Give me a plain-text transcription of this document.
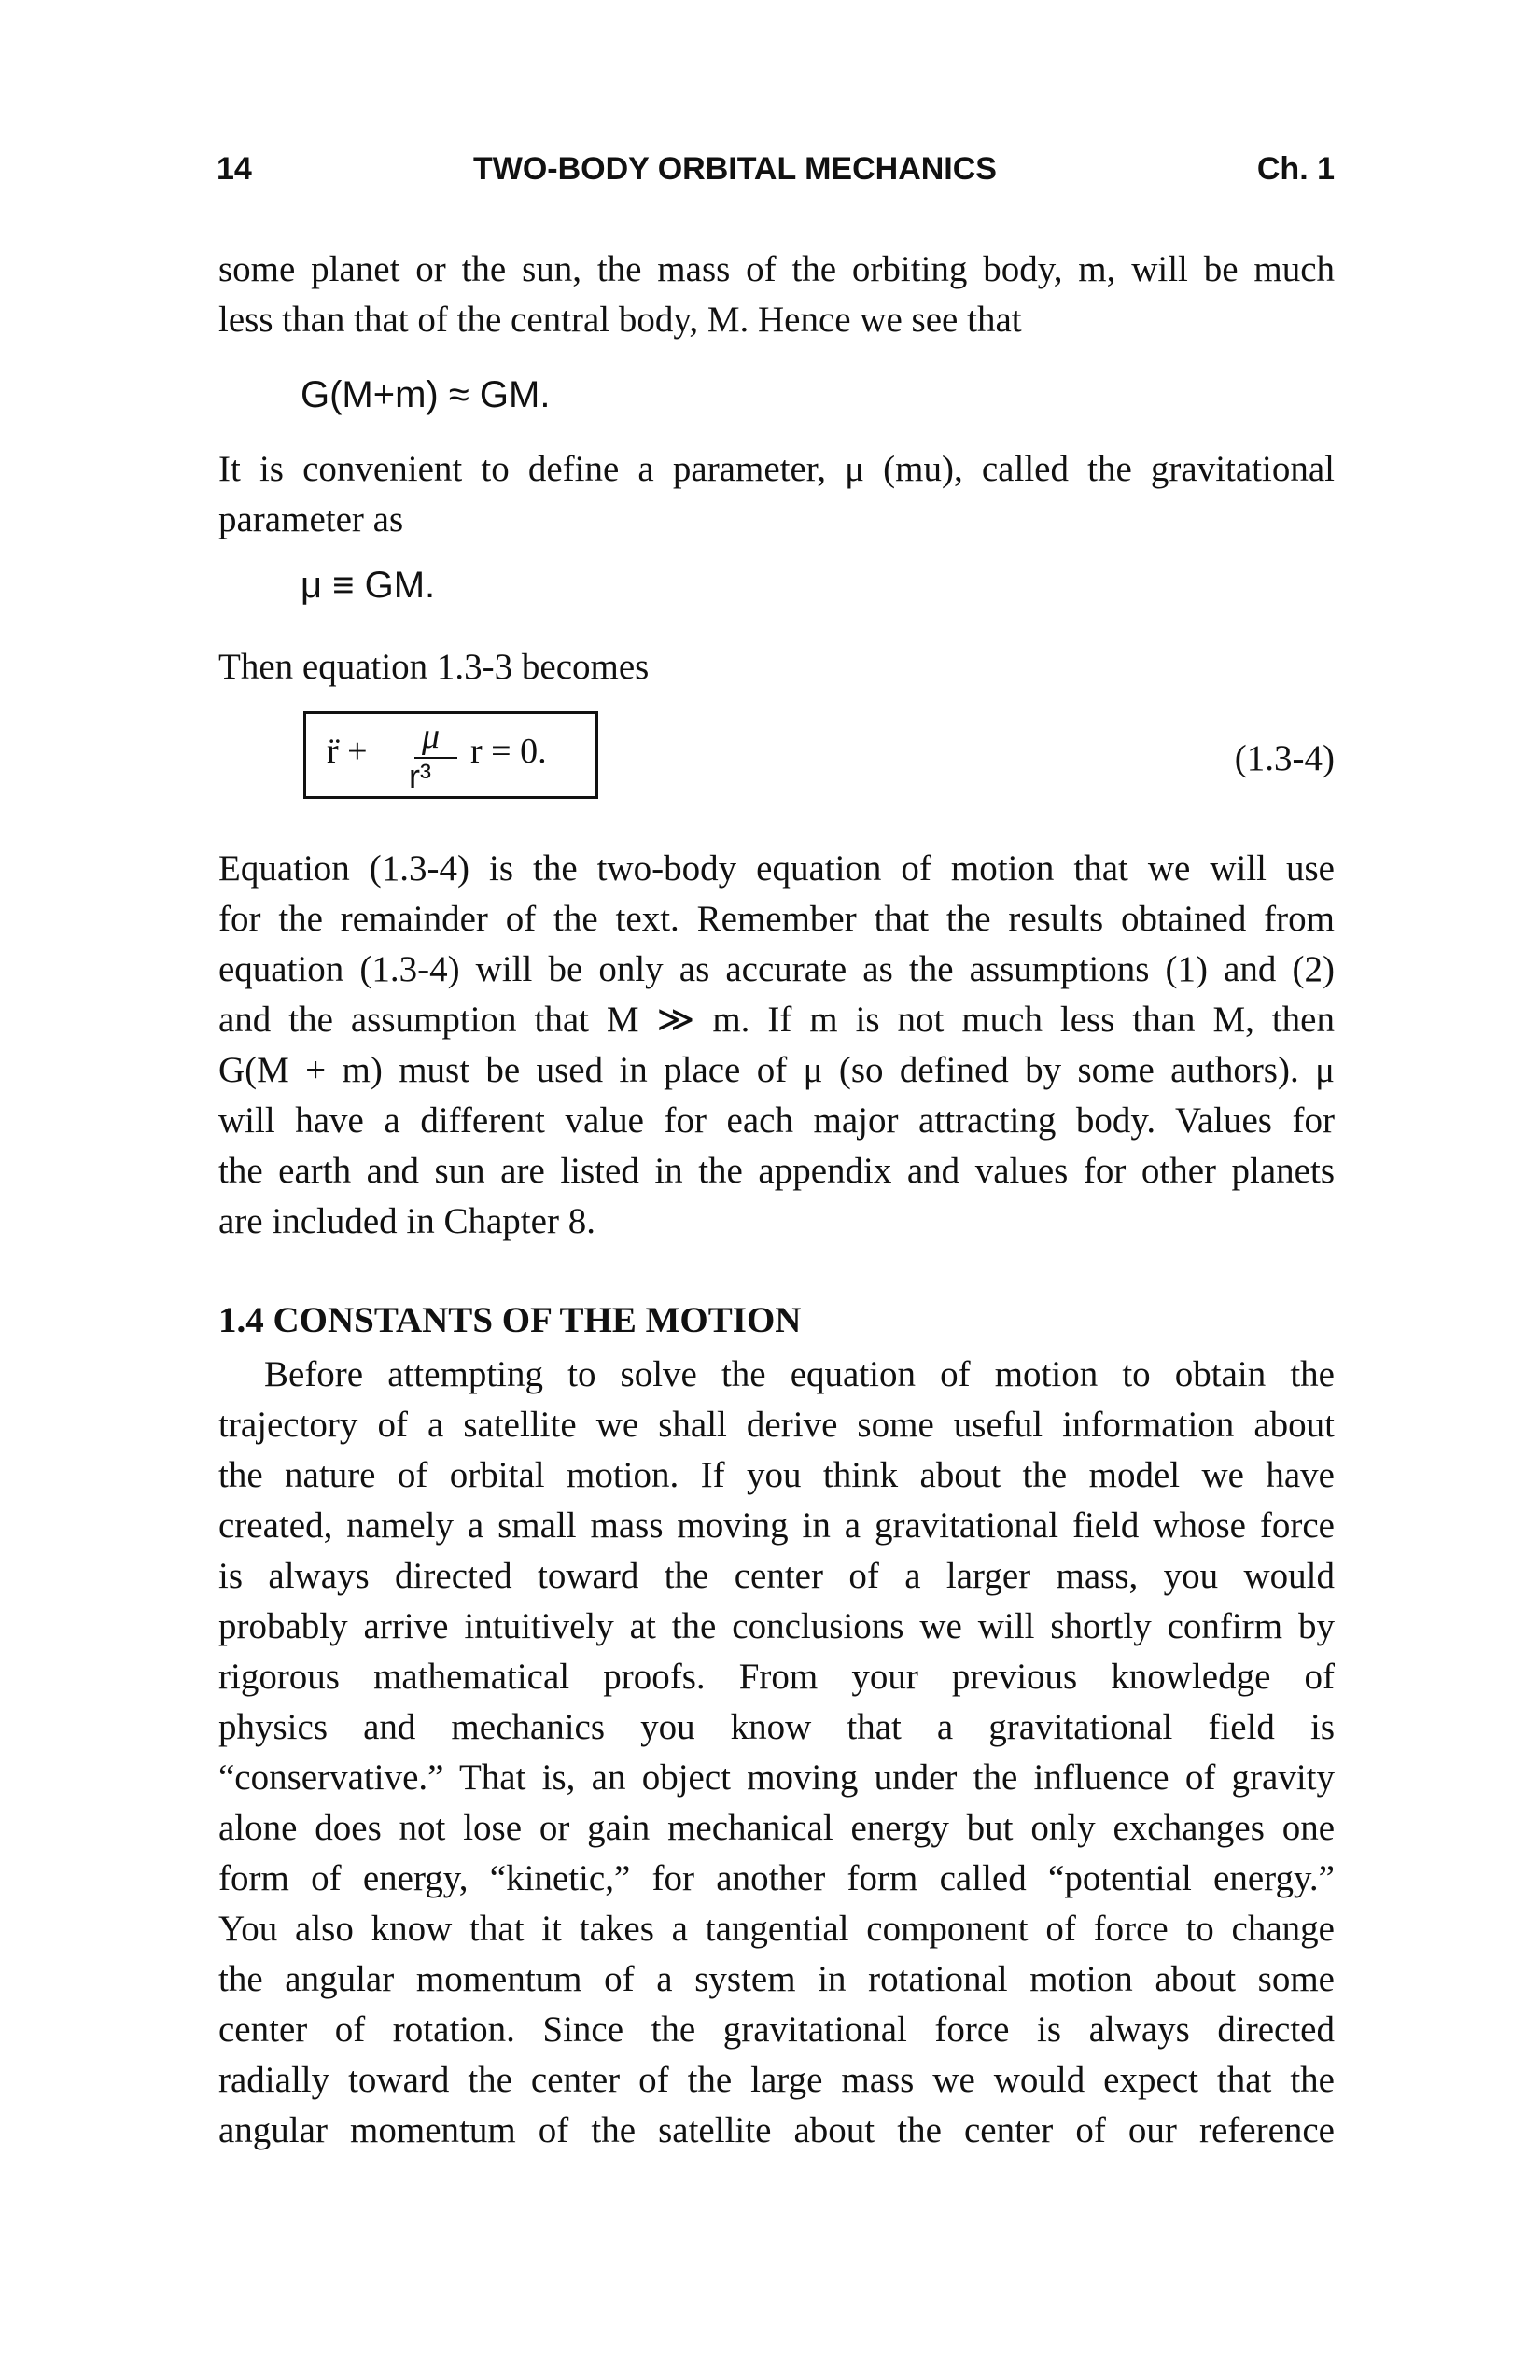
14	TWO-BODY ORBITAL MECHANICS	Ch. 1
some planet or the sun, the mass of the orbiting body, m, will be much
less than that of the central body, M. Hence we see that
G(M+m) ≈ GM.
It is convenient to define a parameter, μ (mu), called the gravitational
parameter as
μ ≡ GM.
Then equation 1.3-3 becomes
r̈ + μ
r³
r = 0.	(1.3-4)
Equation (1.3-4) is the two-body equation of motion that we will use
for the remainder of the text. Remember that the results obtained from
equation (1.3-4) will be only as accurate as the assumptions (1) and (2)
and the assumption that M ≫ m. If m is not much less than M, then
G(M + m) must be used in place of μ (so defined by some authors). μ
will have a different value for each major attracting body. Values for
the earth and sun are listed in the appendix and values for other planets
are included in Chapter 8.
1.4 CONSTANTS OF THE MOTION
Before attempting to solve the equation of motion to obtain the
trajectory of a satellite we shall derive some useful information about
the nature of orbital motion. If you think about the model we have
created, namely a small mass moving in a gravitational field whose force
is always directed toward the center of a larger mass, you would
probably arrive intuitively at the conclusions we will shortly confirm by
rigorous mathematical proofs. From your previous knowledge of
physics and mechanics you know that a gravitational field is
“conservative.” That is, an object moving under the influence of gravity
alone does not lose or gain mechanical energy but only exchanges one
form of energy, “kinetic,” for another form called “potential energy.”
You also know that it takes a tangential component of force to change
the angular momentum of a system in rotational motion about some
center of rotation. Since the gravitational force is always directed
radially toward the center of the large mass we would expect that the
angular momentum of the satellite about the center of our reference
